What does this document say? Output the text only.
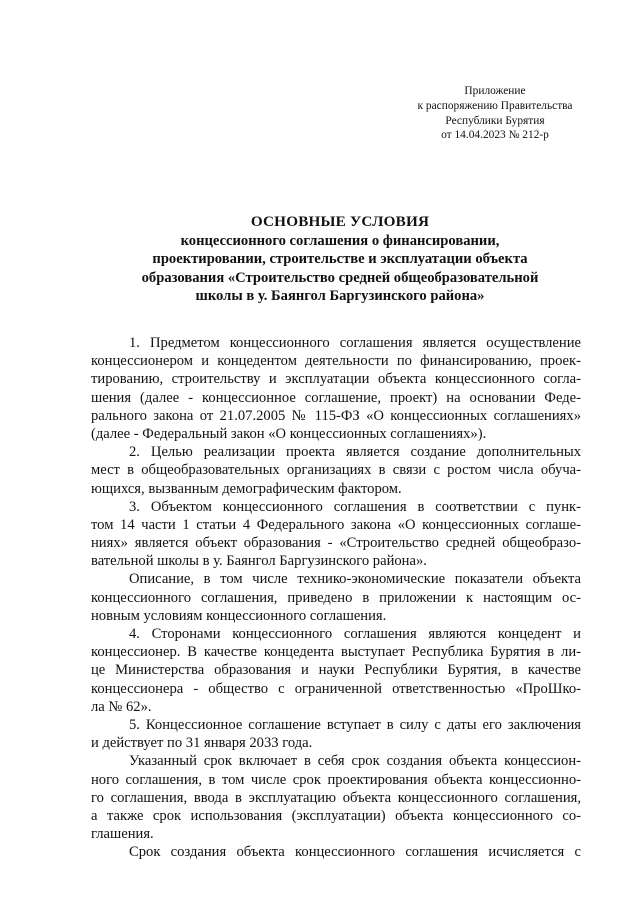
Приложение
к распоряжению Правительства
Республики Бурятия
от 14.04.2023 № 212-р
ОСНОВНЫЕ УСЛОВИЯ
концессионного соглашения о финансировании,
проектировании, строительстве и эксплуатации объекта
образования «Строительство средней общеобразовательной
школы в у. Баянгол Баргузинского района»
1. Предметом концессионного соглашения является осуществление
концессионером и концедентом деятельности по финансированию, проек-
тированию, строительству и эксплуатации объекта концессионного согла-
шения (далее - концессионное соглашение, проект) на основании Феде-
рального закона от 21.07.2005 № 115-ФЗ «О концессионных соглашениях»
(далее - Федеральный закон «О концессионных соглашениях»).
2. Целью реализации проекта является создание дополнительных
мест в общеобразовательных организациях в связи с ростом числа обуча-
ющихся, вызванным демографическим фактором.
3. Объектом концессионного соглашения в соответствии с пунк-
том 14 части 1 статьи 4 Федерального закона «О концессионных соглаше-
ниях» является объект образования - «Строительство средней общеобразо-
вательной школы в у. Баянгол Баргузинского района».
Описание, в том числе технико-экономические показатели объекта
концессионного соглашения, приведено в приложении к настоящим ос-
новным условиям концессионного соглашения.
4. Сторонами концессионного соглашения являются концедент и
концессионер. В качестве концедента выступает Республика Бурятия в ли-
це Министерства образования и науки Республики Бурятия, в качестве
концессионера - общество с ограниченной ответственностью «ПроШко-
ла № 62».
5. Концессионное соглашение вступает в силу с даты его заключения
и действует по 31 января 2033 года.
Указанный срок включает в себя срок создания объекта концессион-
ного соглашения, в том числе срок проектирования объекта концессионно-
го соглашения, ввода в эксплуатацию объекта концессионного соглашения,
а также срок использования (эксплуатации) объекта концессионного со-
глашения.
Срок создания объекта концессионного соглашения исчисляется с
